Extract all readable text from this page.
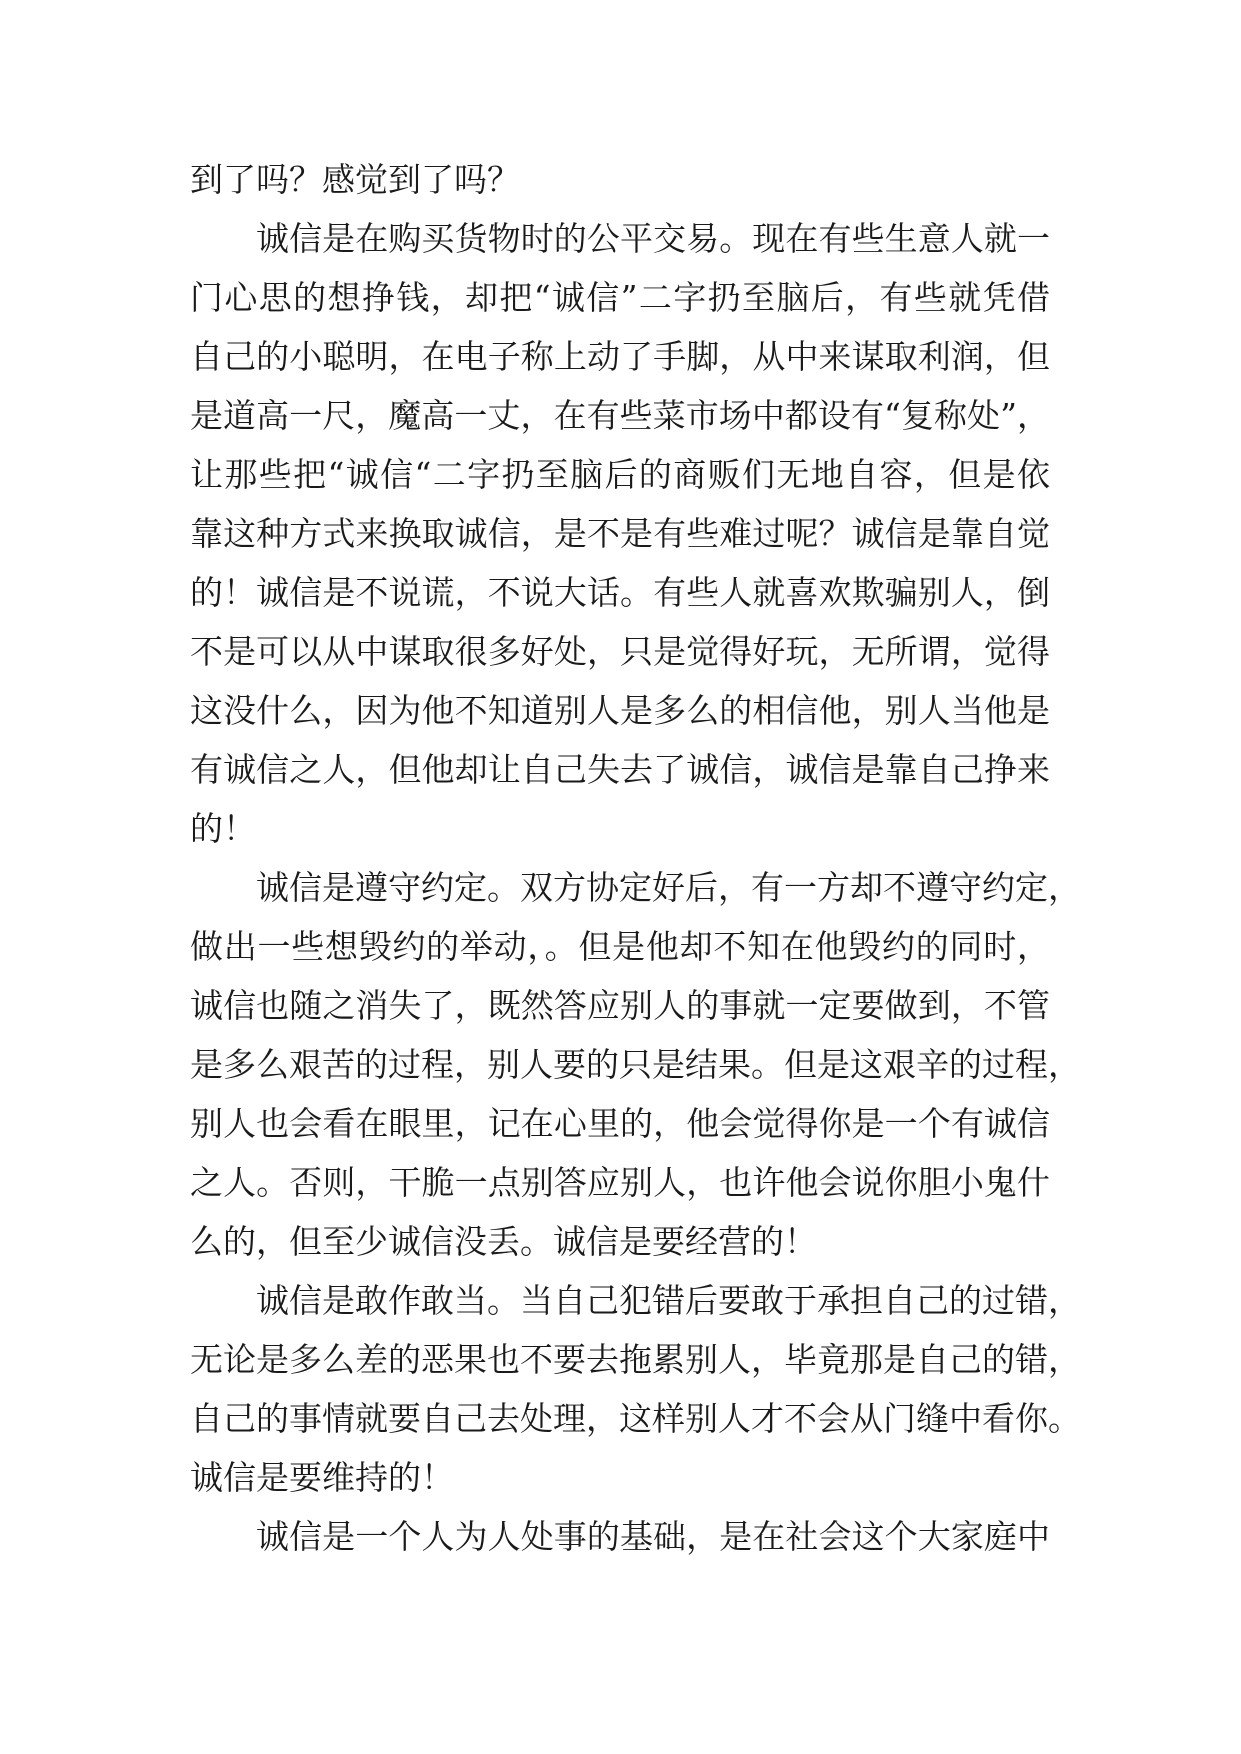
到了吗？感觉到了吗？
诚信是在购买货物时的公平交易。现在有些生意人就一
门心思的想挣钱，却把“诚信”二字扔至脑后，有些就凭借
自己的小聪明，在电子称上动了手脚，从中来谋取利润，但
是道高一尺，魔高一丈，在有些菜市场中都设有“复称处”，
让那些把“诚信“二字扔至脑后的商贩们无地自容，但是依
靠这种方式来换取诚信，是不是有些难过呢？诚信是靠自觉
的！诚信是不说谎，不说大话。有些人就喜欢欺骗别人，倒
不是可以从中谋取很多好处，只是觉得好玩，无所谓，觉得
这没什么，因为他不知道别人是多么的相信他，别人当他是
有诚信之人，但他却让自己失去了诚信，诚信是靠自己挣来
的！
诚信是遵守约定。双方协定好后，有一方却不遵守约定，
做出一些想毁约的举动，。但是他却不知在他毁约的同时，
诚信也随之消失了，既然答应别人的事就一定要做到，不管
是多么艰苦的过程，别人要的只是结果。但是这艰辛的过程，
别人也会看在眼里，记在心里的，他会觉得你是一个有诚信
之人。否则，干脆一点别答应别人，也许他会说你胆小鬼什
么的，但至少诚信没丢。诚信是要经营的！
诚信是敢作敢当。当自己犯错后要敢于承担自己的过错，
无论是多么差的恶果也不要去拖累别人，毕竟那是自己的错，
自己的事情就要自己去处理，这样别人才不会从门缝中看你。
诚信是要维持的！
诚信是一个人为人处事的基础，是在社会这个大家庭中
